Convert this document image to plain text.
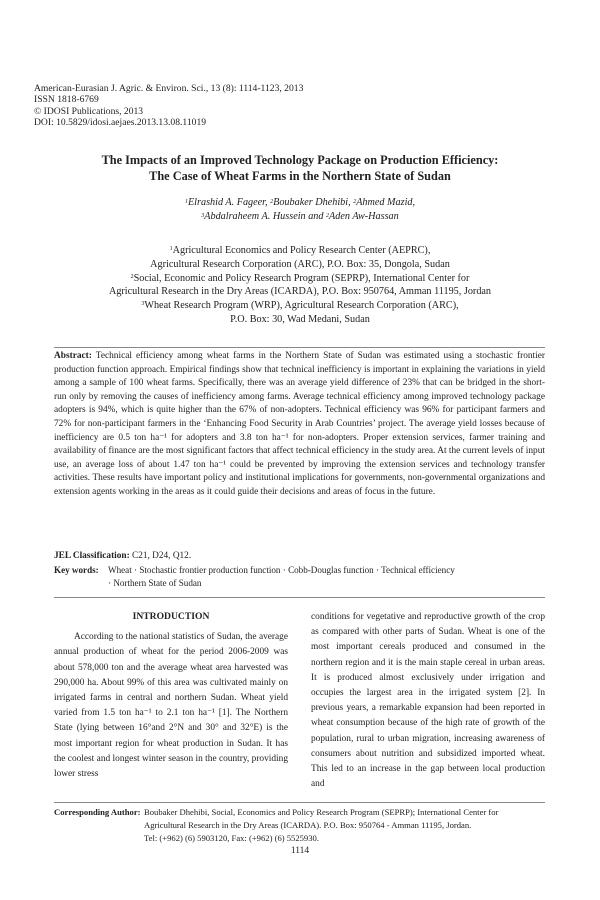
American-Eurasian J. Agric. & Environ. Sci., 13 (8): 1114-1123, 2013
ISSN 1818-6769
© IDOSI Publications, 2013
DOI: 10.5829/idosi.aejaes.2013.13.08.11019
The Impacts of an Improved Technology Package on Production Efficiency:
The Case of Wheat Farms in the Northern State of Sudan
$^1$Elrashid A. Fageer, $^2$Boubaker Dhehibi, $^2$Ahmed Mazid,
$^3$Abdalraheem A. Hussein and $^2$Aden Aw-Hassan
$^1$Agricultural Economics and Policy Research Center (AEPRC),
Agricultural Research Corporation (ARC), P.O. Box: 35, Dongola, Sudan
$^2$Social, Economic and Policy Research Program (SEPRP), International Center for
Agricultural Research in the Dry Areas (ICARDA), P.O. Box: 950764, Amman 11195, Jordan
$^3$Wheat Research Program (WRP), Agricultural Research Corporation (ARC),
P.O. Box: 30, Wad Medani, Sudan
Abstract: Technical efficiency among wheat farms in the Northern State of Sudan was estimated using a stochastic frontier production function approach. Empirical findings show that technical inefficiency is important in explaining the variations in yield among a sample of 100 wheat farms. Specifically, there was an average yield difference of 23% that can be bridged in the short-run only by removing the causes of inefficiency among farms. Average technical efficiency among improved technology package adopters is 94%, which is quite higher than the 67% of non-adopters. Technical efficiency was 96% for participant farmers and 72% for non-participant farmers in the ‘Enhancing Food Security in Arab Countries’ project. The average yield losses because of inefficiency are 0.5 ton ha⁻¹ for adopters and 3.8 ton ha⁻¹ for non-adopters. Proper extension services, farmer training and availability of finance are the most significant factors that affect technical efficiency in the study area. At the current levels of input use, an average loss of about 1.47 ton ha⁻¹ could be prevented by improving the extension services and technology transfer activities. These results have important policy and institutional implications for governments, non-governmental organizations and extension agents working in the areas as it could guide their decisions and areas of focus in the future.
JEL Classification: C21, D24, Q12.
Key words: Wheat · Stochastic frontier production function · Cobb-Douglas function · Technical efficiency
· Northern State of Sudan
INTRODUCTION
According to the national statistics of Sudan, the average annual production of wheat for the period 2006-2009 was about 578,000 ton and the average wheat area harvested was 290,000 ha. About 99% of this area was cultivated mainly on irrigated farms in central and northern Sudan. Wheat yield varied from 1.5 ton ha⁻¹ to 2.1 ton ha⁻¹ [1]. The Northern State (lying between 16°and 2°N and 30° and 32°E) is the most important region for wheat production in Sudan. It has the coolest and longest winter season in the country, providing lower stress
conditions for vegetative and reproductive growth of the crop as compared with other parts of Sudan. Wheat is one of the most important cereals produced and consumed in the northern region and it is the main staple cereal in urban areas. It is produced almost exclusively under irrigation and occupies the largest area in the irrigated system [2]. In previous years, a remarkable expansion had been reported in wheat consumption because of the high rate of growth of the population, rural to urban migration, increasing awareness of consumers about nutrition and subsidized imported wheat. This led to an increase in the gap between local production and
Corresponding Author: Boubaker Dhehibi, Social, Economics and Policy Research Program (SEPRP); International Center for
Agricultural Research in the Dry Areas (ICARDA). P.O. Box: 950764 - Amman 11195, Jordan.
Tel: (+962) (6) 5903120, Fax: (+962) (6) 5525930.
1114
